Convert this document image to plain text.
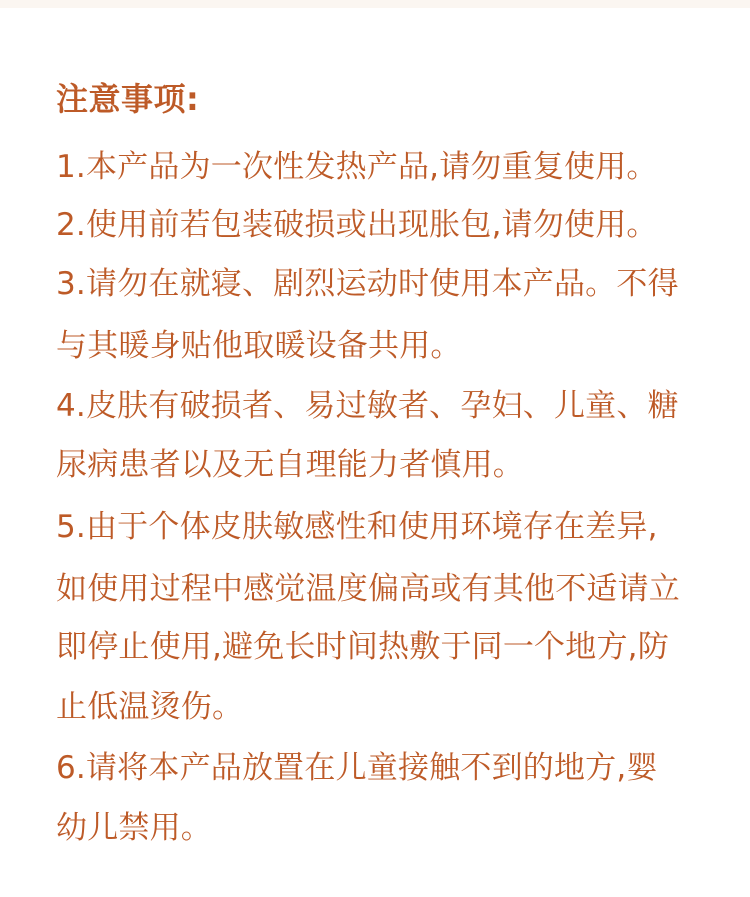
注意事项:
1.本产品为一次性发热产品,请勿重复使用。
2.使用前若包装破损或出现胀包,请勿使用。
3.请勿在就寝、剧烈运动时使用本产品。不得
与其暖身贴他取暖设备共用。
4.皮肤有破损者、易过敏者、孕妇、儿童、糖
尿病患者以及无自理能力者慎用。
5.由于个体皮肤敏感性和使用环境存在差异,
如使用过程中感觉温度偏高或有其他不适请立
即停止使用,避免长时间热敷于同一个地方,防
止低温烫伤。
6.请将本产品放置在儿童接触不到的地方,婴
幼儿禁用。
